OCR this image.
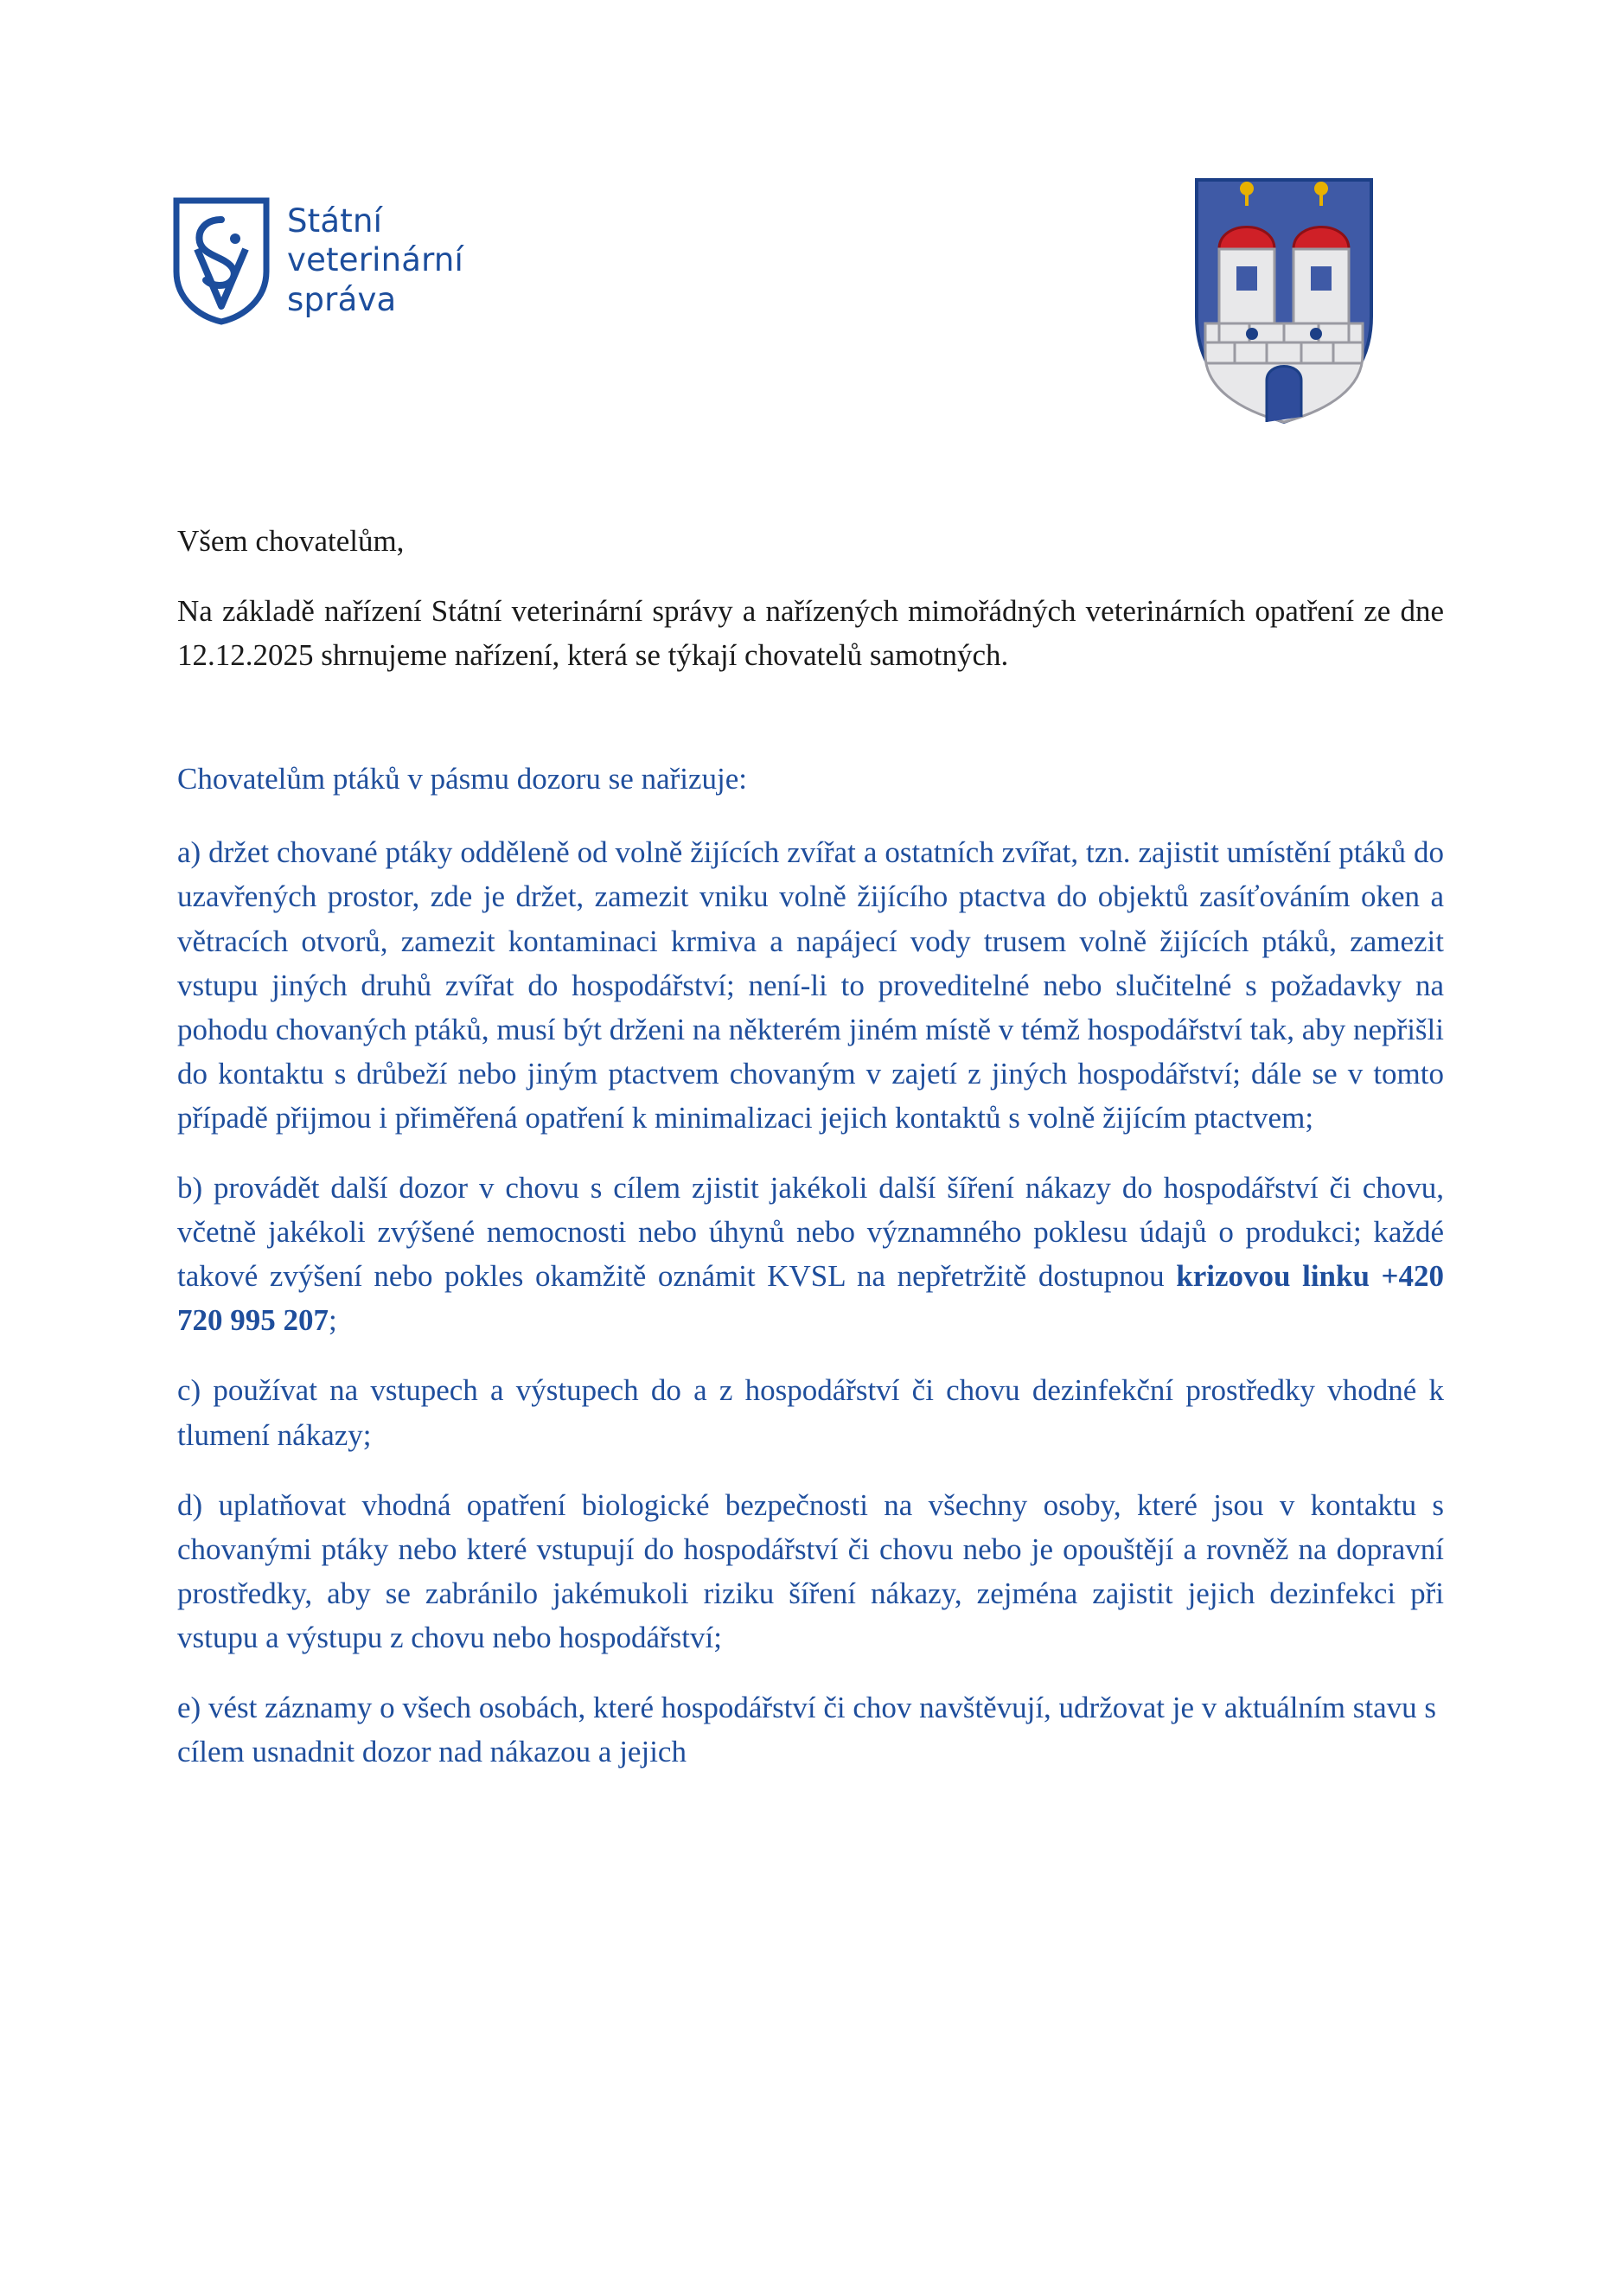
Státní
veterinární
správa

Všem chovatelům,

Na základě nařízení Státní veterinární správy a nařízených mimořádných veterinárních opatření ze dne 12.12.2025 shrnujeme nařízení, která se týkají chovatelů samotných.

Chovatelům ptáků v pásmu dozoru se nařizuje:

a) držet chované ptáky odděleně od volně žijících zvířat a ostatních zvířat, tzn. zajistit umístění ptáků do uzavřených prostor, zde je držet, zamezit vniku volně žijícího ptactva do objektů zasíťováním oken a větracích otvorů, zamezit kontaminaci krmiva a napájecí vody trusem volně žijících ptáků, zamezit vstupu jiných druhů zvířat do hospodářství; není-li to proveditelné nebo slučitelné s požadavky na pohodu chovaných ptáků, musí být drženi na některém jiném místě v témž hospodářství tak, aby nepřišli do kontaktu s drůbeží nebo jiným ptactvem chovaným v zajetí z jiných hospodářství; dále se v tomto případě přijmou i přiměřená opatření k minimalizaci jejich kontaktů s volně žijícím ptactvem;

b) provádět další dozor v chovu s cílem zjistit jakékoli další šíření nákazy do hospodářství či chovu, včetně jakékoli zvýšené nemocnosti nebo úhynů nebo významného poklesu údajů o produkci; každé takové zvýšení nebo pokles okamžitě oznámit KVSL na nepřetržitě dostupnou krizovou linku +420 720 995 207;

c) používat na vstupech a výstupech do a z hospodářství či chovu dezinfekční prostředky vhodné k tlumení nákazy;

d) uplatňovat vhodná opatření biologické bezpečnosti na všechny osoby, které jsou v kontaktu s chovanými ptáky nebo které vstupují do hospodářství či chovu nebo je opouštějí a rovněž na dopravní prostředky, aby se zabránilo jakémukoli riziku šíření nákazy, zejména zajistit jejich dezinfekci při vstupu a výstupu z chovu nebo hospodářství;

e) vést záznamy o všech osobách, které hospodářství či chov navštěvují, udržovat je v aktuálním stavu s cílem usnadnit dozor nad nákazou a jejich
